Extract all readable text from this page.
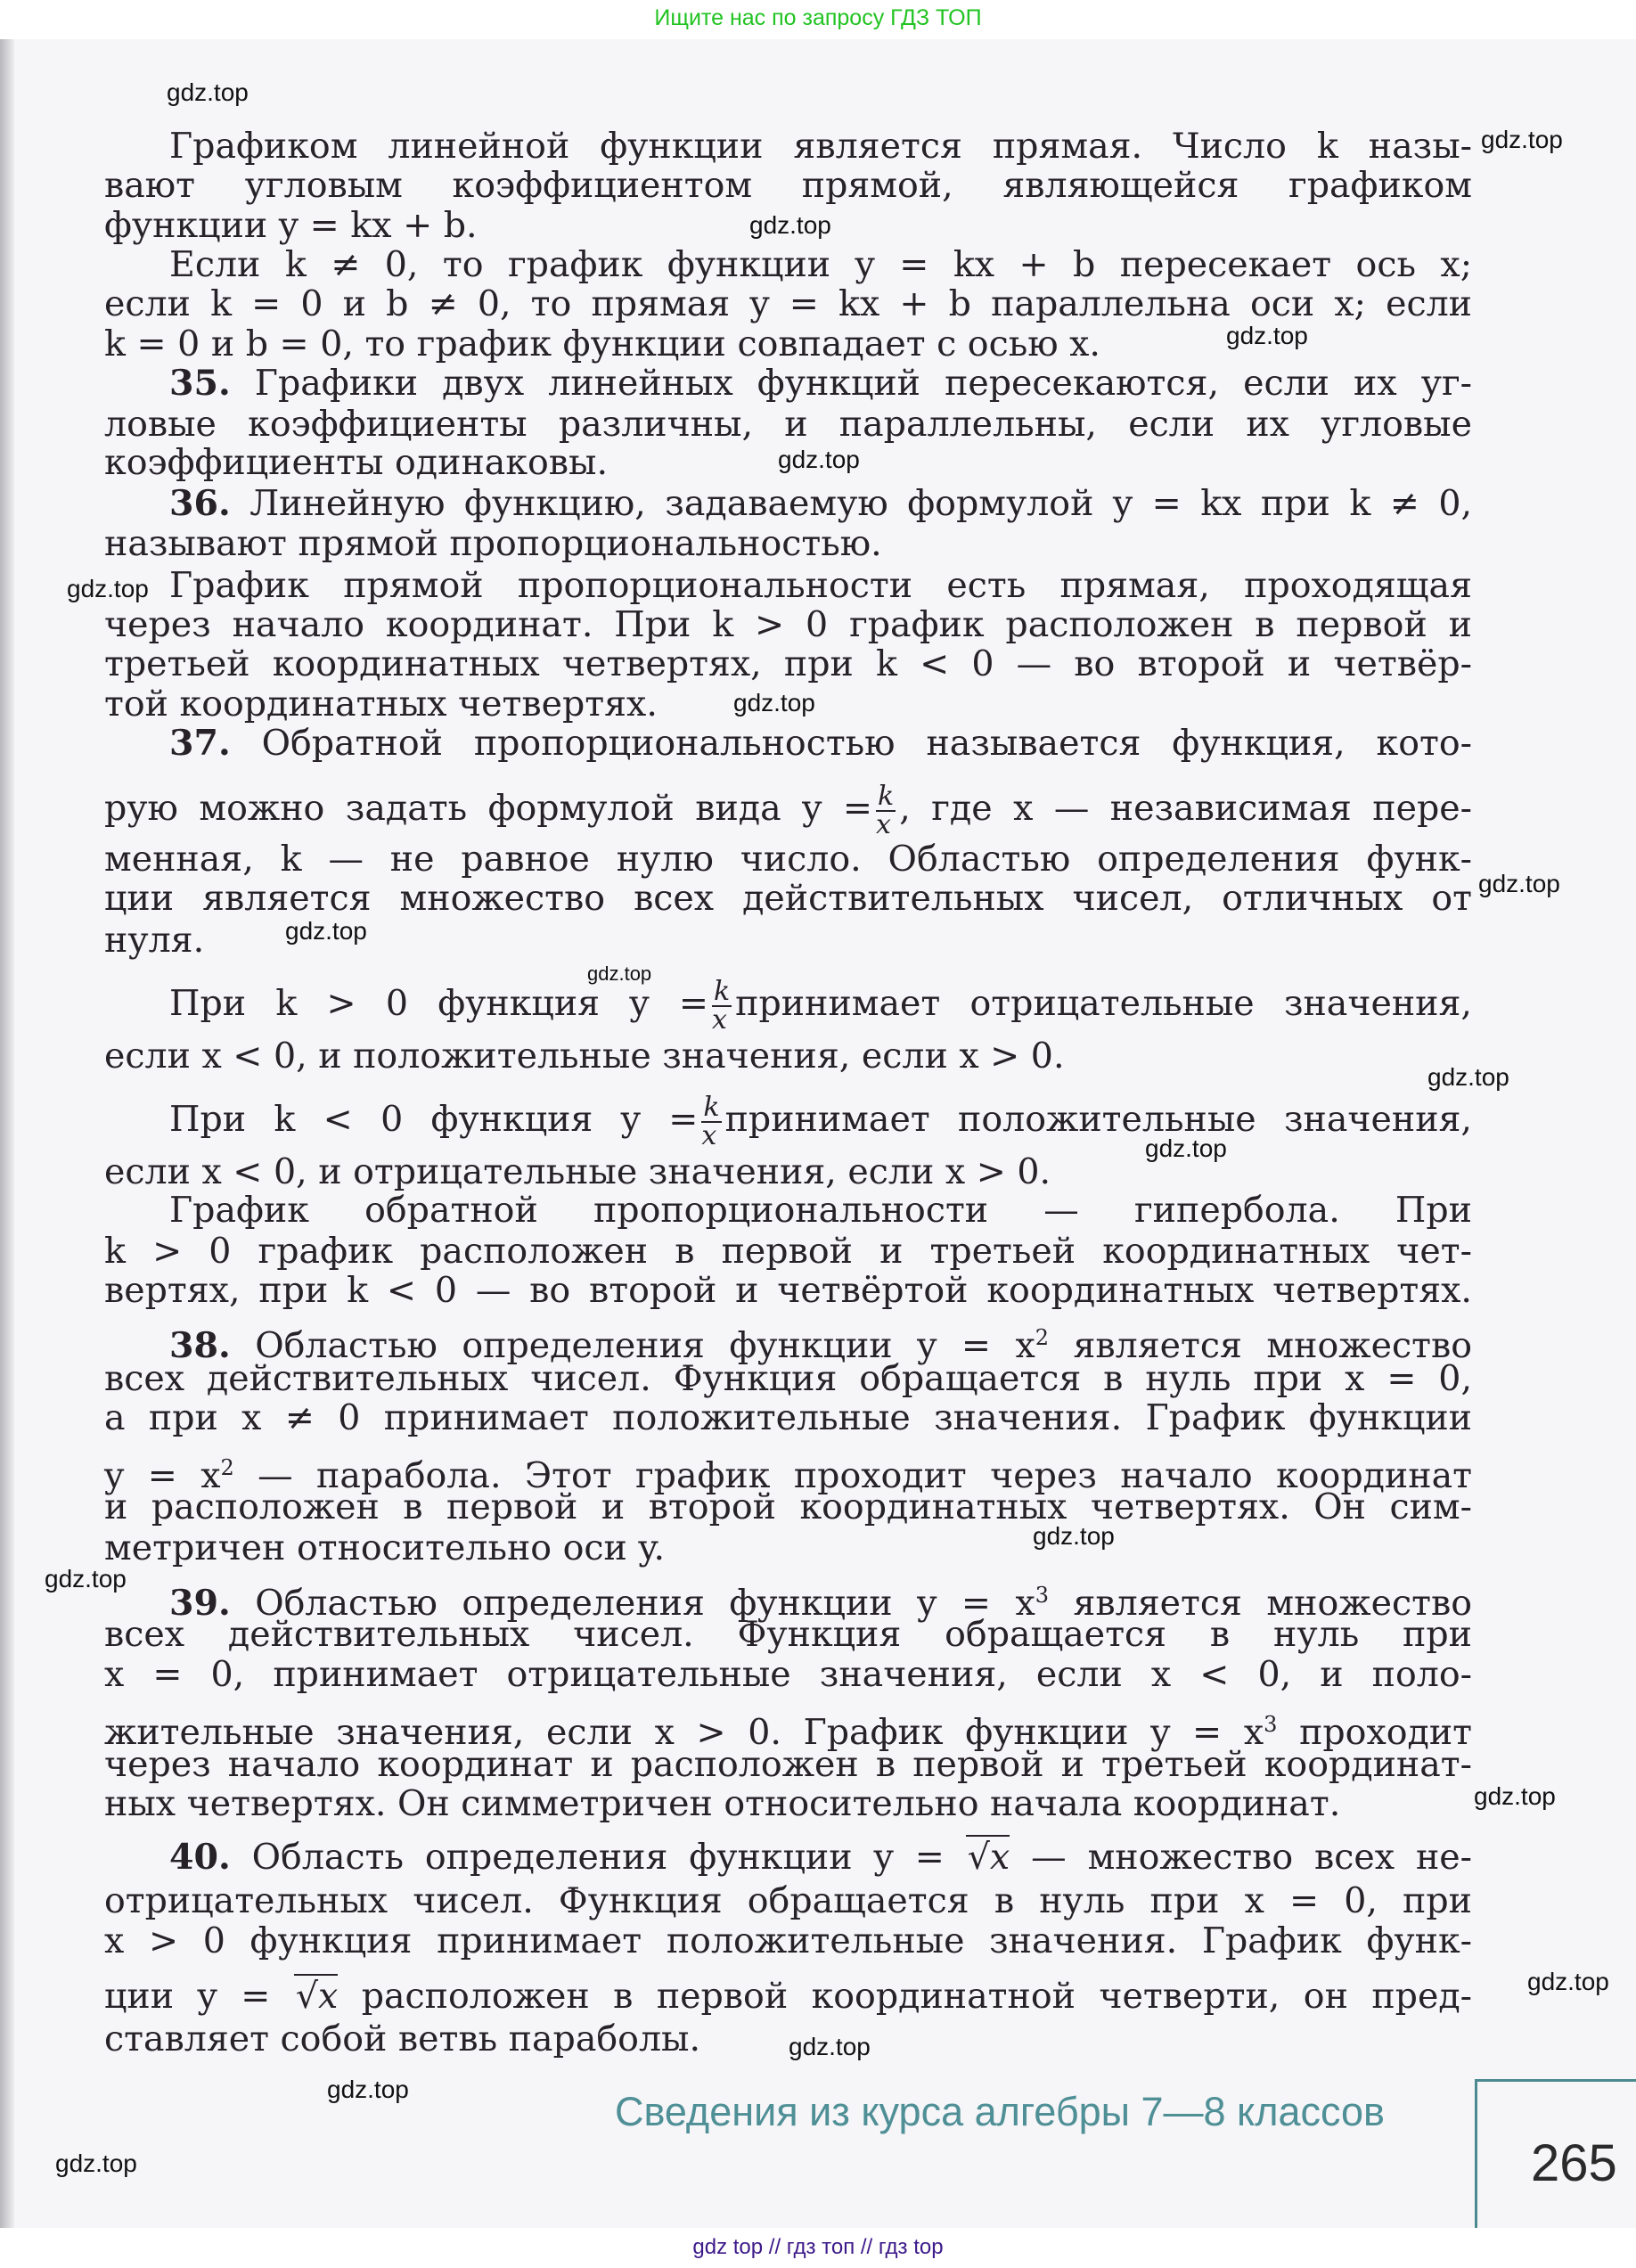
Ищите нас по запросу ГДЗ ТОП
Графиком линейной функции является прямая. Число k назы-
вают угловым коэффициентом прямой, являющейся графиком
функции y = kx + b.
Если k ≠ 0, то график функции y = kx + b пересекает ось x;
если k = 0 и b ≠ 0, то прямая y = kx + b параллельна оси x; если
k = 0 и b = 0, то график функции совпадает с осью x.
35. Графики двух линейных функций пересекаются, если их уг-
ловые коэффициенты различны, и параллельны, если их угловые
коэффициенты одинаковы.
36. Линейную функцию, задаваемую формулой y = kx при k ≠ 0,
называют прямой пропорциональностью.
График прямой пропорциональности есть прямая, проходящая
через начало координат. При k > 0 график расположен в первой и
третьей координатных четвертях, при k < 0 — во второй и четвёр-
той координатных четвертях.
37. Обратной пропорциональностью называется функция, кото-
рую можно задать формулой вида $y = \frac{k}{x}$ , где x — независимая пере-
менная, k — не равное нулю число. Областью определения функ-
ции является множество всех действительных чисел, отличных от
нуля.
При k > 0 функция $y = \frac{k}{x}$ принимает отрицательные значения,
если x < 0, и положительные значения, если x > 0.
При k < 0 функция $y = \frac{k}{x}$ принимает положительные значения,
если x < 0, и отрицательные значения, если x > 0.
График обратной пропорциональности — гипербола. При
k > 0 график расположен в первой и третьей координатных чет-
вертях, при k < 0 — во второй и четвёртой координатных четвертях.
38. Областью определения функции $y = x^2$ является множество
всех действительных чисел. Функция обращается в нуль при x = 0,
а при x ≠ 0 принимает положительные значения. График функции
$y = x^2$ — парабола. Этот график проходит через начало координат
и расположен в первой и второй координатных четвертях. Он сим-
метричен относительно оси y.
39. Областью определения функции $y = x^3$ является множество
всех действительных чисел. Функция обращается в нуль при
x = 0, принимает отрицательные значения, если x < 0, и поло-
жительные значения, если x > 0. График функции $y = x^3$ проходит
через начало координат и расположен в первой и третьей координат-
ных четвертях. Он симметричен относительно начала координат.
40. Область определения функции y = √x — множество всех не-
отрицательных чисел. Функция обращается в нуль при x = 0, при
x > 0 функция принимает положительные значения. График функ-
ции y = √x расположен в первой координатной четверти, он пред-
ставляет собой ветвь параболы.
gdz.top
gdz.top
gdz.top
gdz.top
gdz.top
gdz.top
gdz.top
gdz.top
gdz.top
gdz.top
gdz.top
gdz.top
gdz.top
gdz.top
gdz.top
gdz.top
gdz.top
gdz.top
gdz.top
Сведения из курса алгебры 7—8 классов
265
gdz top // гдз топ // гдз top
